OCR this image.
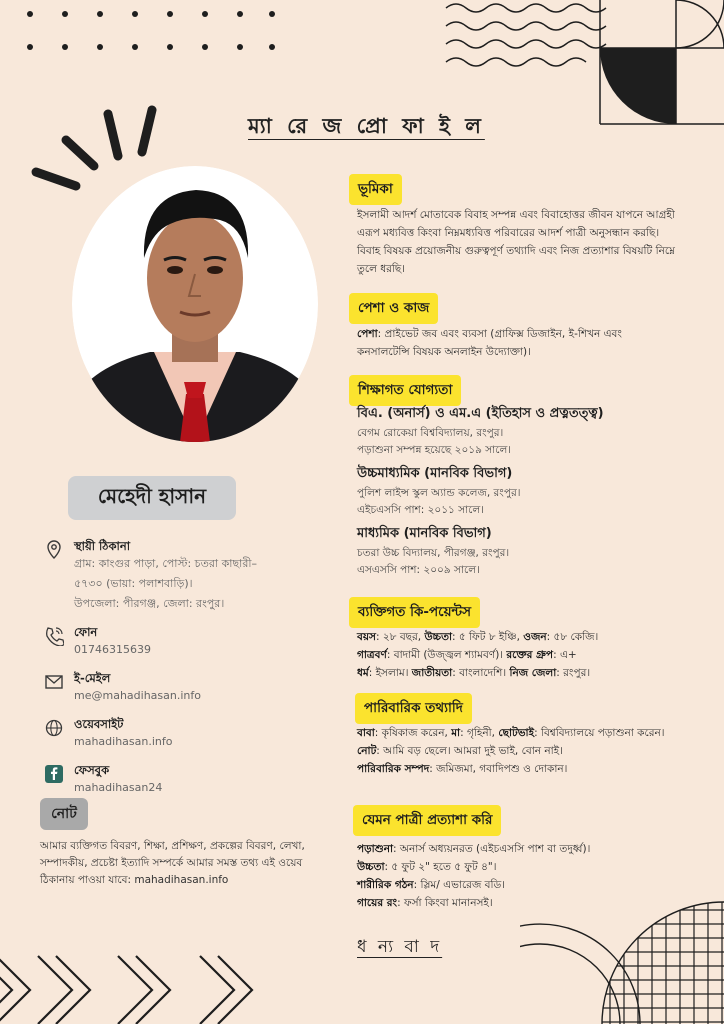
ম্যা রে জ প্রো ফা ই ল
মেহেদী হাসান
স্থায়ী ঠিকানা
গ্রাম: কাংগুর পাড়া, পোস্ট: চতরা কাছারী–
৫৭৩০ (ভায়া: পলাশবাড়ি)।
উপজেলা: পীরগঞ্জ, জেলা: রংপুর।
ফোন
01746315639
ই-মেইল
me@mahadihasan.info
ওয়েবসাইট
mahadihasan.info
ফেসবুক
mahadihasan24
নোট

আমার ব্যক্তিগত বিবরণ, শিক্ষা, প্রশিক্ষণ, প্রকল্পের বিবরণ, লেখা, সম্পাদকীয়, প্রচেষ্টা ইত্যাদি সম্পর্কে আমার সমস্ত তথ্য এই ওয়েব ঠিকানায় পাওয়া যাবে: mahadihasan.info

ভূমিকা

ইসলামী আদর্শ মোতাবেক বিবাহ সম্পন্ন এবং বিবাহোত্তর জীবন যাপনে আগ্রহী এরূপ মধ্যবিত্ত কিংবা নিম্নমধ্যবিত্ত পরিবারের আদর্শ পাত্রী অনুসন্ধান করছি। বিবাহ বিষয়ক প্রয়োজনীয় গুরুত্বপূর্ণ তথ্যাদি এবং নিজ প্রত্যাশার বিষয়টি নিম্নে তুলে ধরছি।

পেশা ও কাজ

পেশা: প্রাইভেট জব এবং ব্যবসা (গ্রাফিক্স ডিজাইন, ই-শিখন এবং কনসালটেন্সি বিষয়ক অনলাইন উদ্যোক্তা)।

শিক্ষাগত যোগ্যতা
বিএ. (অনার্স) ও এম.এ (ইতিহাস ও প্রত্নতত্ত্ব)
বেগম রোকেয়া বিশ্ববিদ্যালয়, রংপুর।
পড়াশুনা সম্পন্ন হয়েছে ২০১৯ সালে।
উচ্চমাধ্যমিক (মানবিক বিভাগ)
পুলিশ লাইন্স স্কুল অ্যান্ড কলেজ, রংপুর।
এইচএসসি পাশ: ২০১১ সালে।
মাধ্যমিক (মানবিক বিভাগ)
চতরা উচ্চ বিদ্যালয়, পীরগঞ্জ, রংপুর।
এসএসসি পাশ: ২০০৯ সালে।
ব্যক্তিগত কি-পয়েন্টস
বয়স: ২৮ বছর, উচ্চতা: ৫ ফিট ৮ ইঞ্চি, ওজন: ৫৮ কেজি।
গাত্রবর্ণ: বাদামী (উজ্জ্বল শ্যামবর্ণ)। রক্তের গ্রুপ: এ+
ধর্ম: ইসলাম। জাতীয়তা: বাংলাদেশি। নিজ জেলা: রংপুর।
পারিবারিক তথ্যাদি
বাবা: কৃষিকাজ করেন, মা: গৃহিনী, ছোটভাই: বিশ্ববিদ্যালয়ে পড়াশুনা করেন।
নোট: আমি বড় ছেলে। আমরা দুই ভাই, বোন নাই।
পারিবারিক সম্পদ: জমিজমা, গবাদিপশু ও দোকান।
যেমন পাত্রী প্রত্যাশা করি
পড়াশুনা: অনার্স অধ্যয়নরত (এইচএসসি পাশ বা তদুর্ধ্ব)।
উচ্চতা: ৫ ফুট ২" হতে ৫ ফুট ৪"।
শারীরিক গঠন: স্লিম/ এভারেজ বডি।
গায়ের রং: ফর্সা কিংবা মানানসই।
ধ ন্য বা দ
